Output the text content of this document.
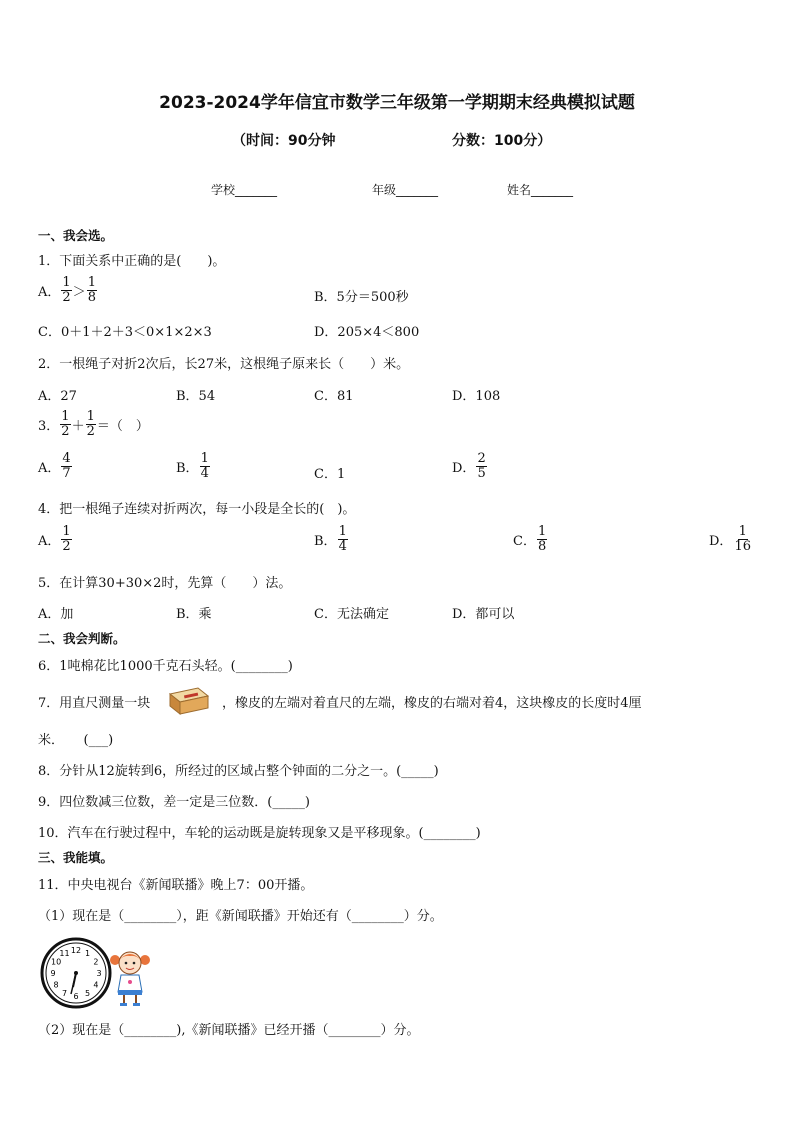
2023-2024学年信宜市数学三年级第一学期期末经典模拟试题
（时间：90分钟	分数：100分）
学校_______	年级_______	姓名_______
一、我会选。
1．下面关系中正确的是(　　)。
A． $\frac{1}{2} > \frac{1}{8}$	B．5分＝500秒
C．0＋1＋2＋3＜0×1×2×3	D．205×4＜800
2．一根绳子对折2次后，长27米，这根绳子原来长（　　）米。
A．27	B．54	C．81	D．108
3． $\frac{1}{2} + \frac{1}{2}$ ＝（　）
A． $\frac{4}{7}$	B． $\frac{1}{4}$	C．1	D． $\frac{2}{5}$
4．把一根绳子连续对折两次，每一小段是全长的(　)。
A． $\frac{1}{2}$	B． $\frac{1}{4}$	C． $\frac{1}{8}$	D． $\frac{1}{16}$
5．在计算30+30×2时，先算（　　）法。
A．加	B．乘	C．无法确定	D．都可以
二、我会判断。
6．1吨棉花比1000千克石头轻。(________)
7．用直尺测量一块	，橡皮的左端对着直尺的左端，橡皮的右端对着4，这块橡皮的长度时4厘
米．　　(___)
8．分针从12旋转到6，所经过的区域占整个钟面的二分之一。(_____)
9．四位数减三位数，差一定是三位数．(_____)
10．汽车在行驶过程中，车轮的运动既是旋转现象又是平移现象。(________)
三、我能填。
11．中央电视台《新闻联播》晚上7：00开播。
（1）现在是（________），距《新闻联播》开始还有（________）分。
12 1
2
3
4
5
6
7
8
9
10
11
（2）现在是（________),《新闻联播》已经开播（________）分。
